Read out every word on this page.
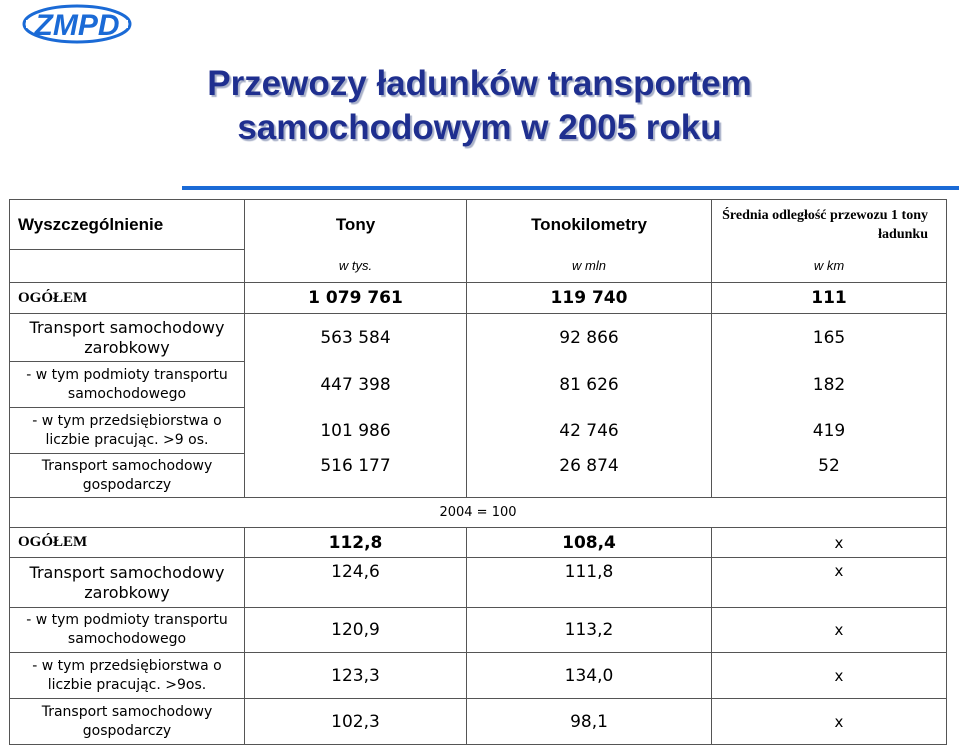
ZMPD
Przewozy ładunków transportem
samochodowym w 2005 roku
Wyszczególnienie	Tony	Tonokilometry	Średnia odległość przewozu 1 tony ładunku
	w tys.	w mln	w km
OGÓŁEM	1 079 761	119 740	111
Transport samochodowy zarobkowy	563 584	92 866	165
- w tym podmioty transportu samochodowego	447 398	81 626	182
- w tym przedsiębiorstwa o liczbie pracując. >9 os.	101 986	42 746	419
Transport samochodowy gospodarczy	516 177	26 874	52
2004 = 100			
OGÓŁEM	112,8	108,4	x
Transport samochodowy zarobkowy	124,6	111,8	x
- w tym podmioty transportu samochodowego	120,9	113,2	x
- w tym przedsiębiorstwa o liczbie pracując. >9os.	123,3	134,0	x
Transport samochodowy gospodarczy	102,3	98,1	x
